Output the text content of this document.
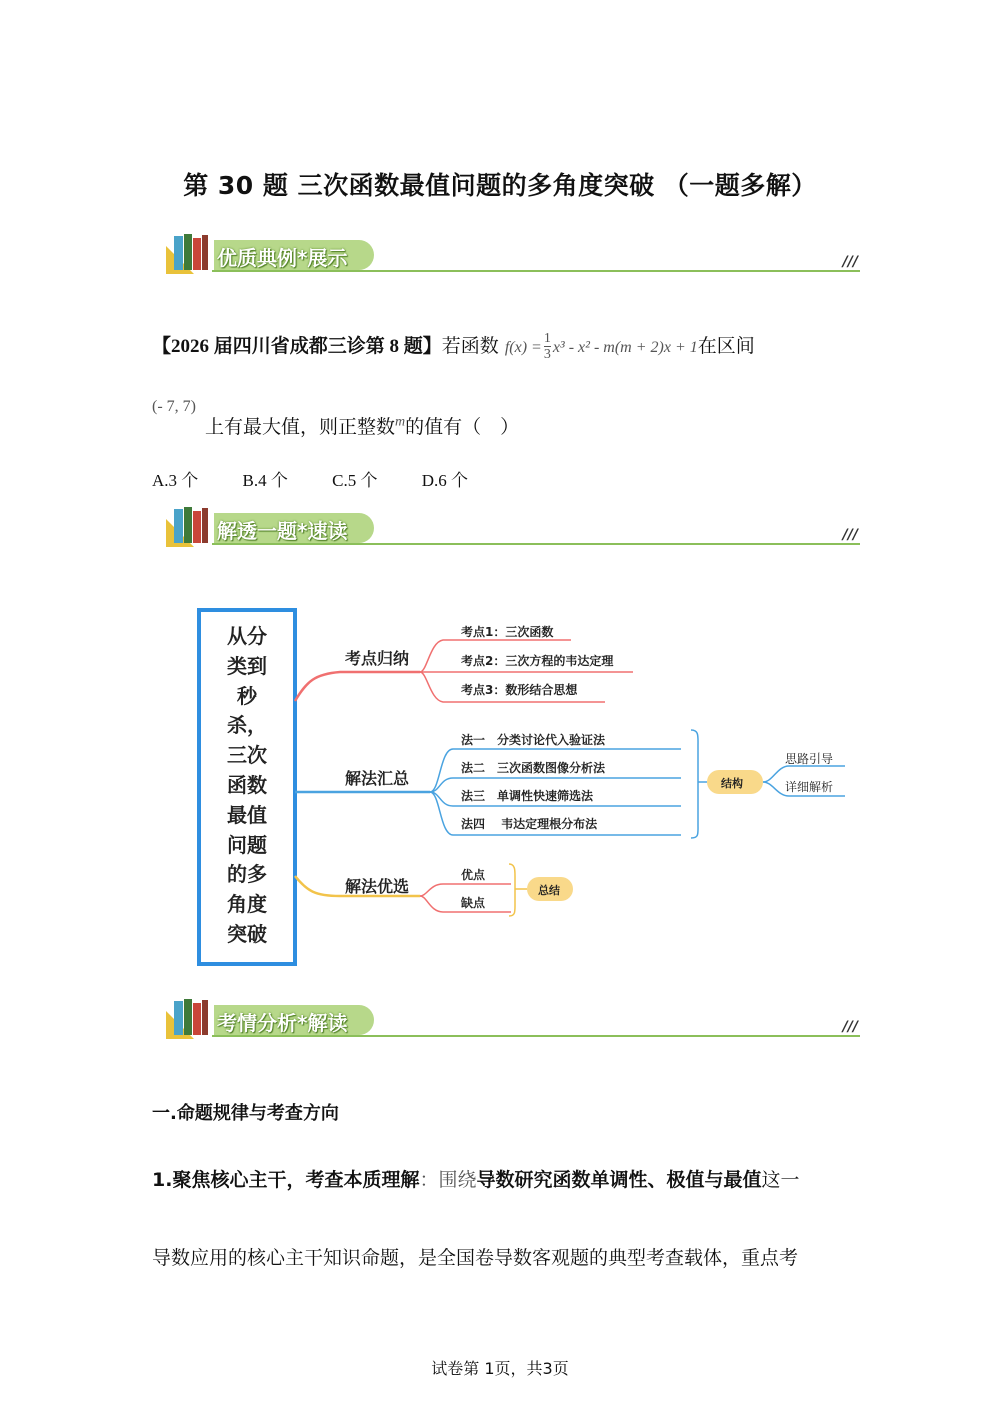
第 30 题 三次函数最值问题的多角度突破 （一题多解）
优质典例*展示	///
【2026 届四川省成都三诊第 8 题】若函数 $f(x) = \frac{1}{3} x^3 - x^2 - m(m + 2)x + 1$在区间
(- 7, 7)
上有最大值，则正整数$^m$的值有（　）
A.3 个	B.4 个	C.5 个	D.6 个
解透一题*速读	///
从分
类到
秒
杀，
三次
函数
最值
问题
的多
角度
突破
考点归纳
考点1：三次函数
考点2：三次方程的韦达定理
考点3：数形结合思想
解法汇总
法一　分类讨论代入验证法
法二　三次函数图像分析法
法三　单调性快速筛选法
法四　 韦达定理根分布法
结构
思路引导
详细解析
解法优选
优点
缺点
总结
考情分析*解读	///
一.命题规律与考查方向
1.聚焦核心主干，考查本质理解：围绕导数研究函数单调性、极值与最值这一
导数应用的核心主干知识命题，是全国卷导数客观题的典型考查载体，重点考
试卷第 1页，共3页
